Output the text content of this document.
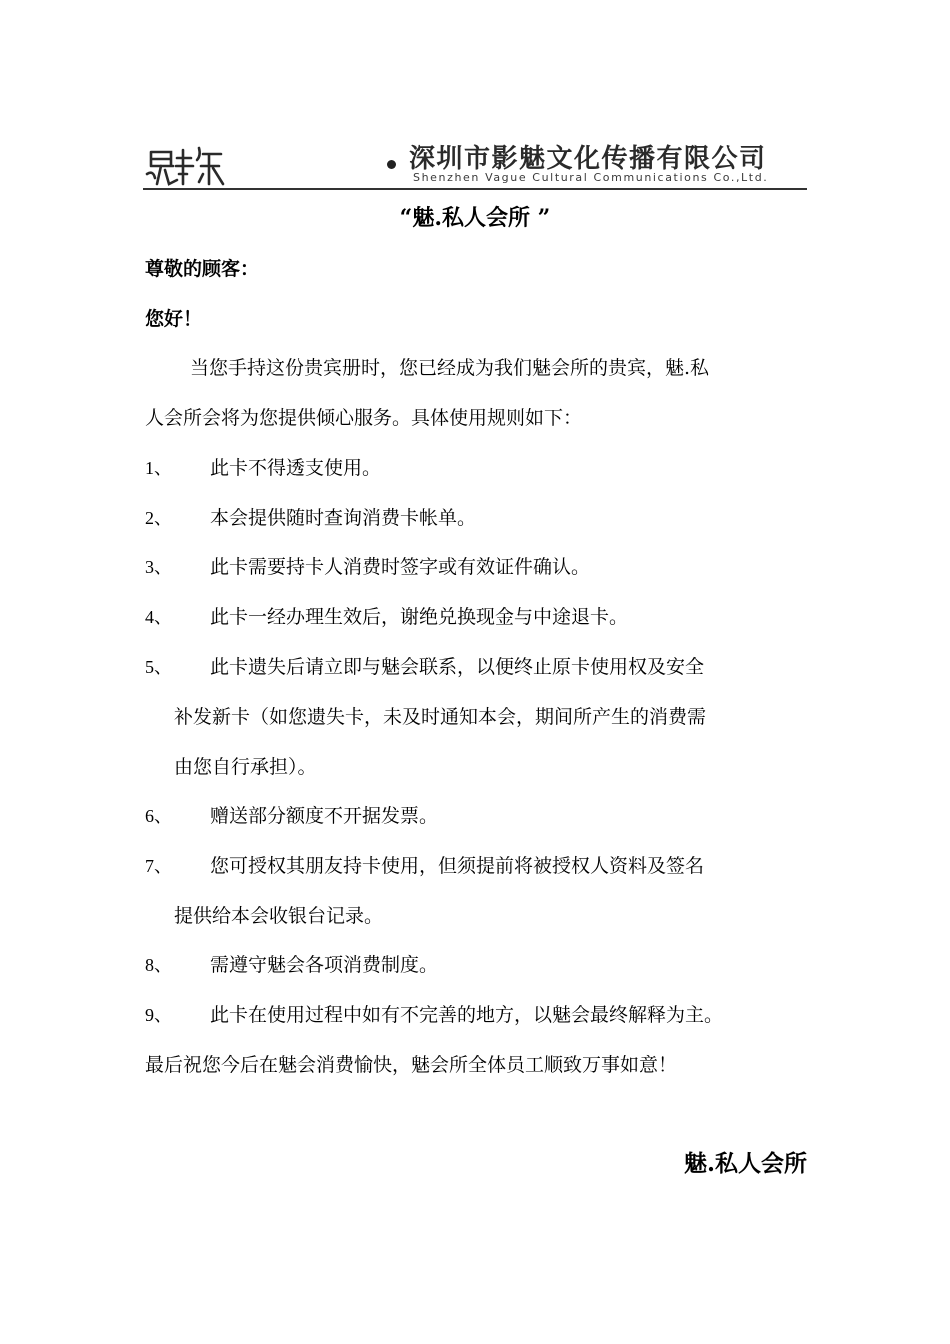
深圳市影魅文化传播有限公司
Shenzhen Vague Cultural Communications Co.,Ltd.
“魅.私人会所 ”
尊敬的顾客：
您好！
当您手持这份贵宾册时，您已经成为我们魅会所的贵宾，魅.私
人会所会将为您提供倾心服务。具体使用规则如下：
1、 此卡不得透支使用。
2、 本会提供随时查询消费卡帐单。
3、 此卡需要持卡人消费时签字或有效证件确认。
4、 此卡一经办理生效后，谢绝兑换现金与中途退卡。
5、 此卡遗失后请立即与魅会联系，以便终止原卡使用权及安全
补发新卡（如您遗失卡，未及时通知本会，期间所产生的消费需
由您自行承担）。
6、 赠送部分额度不开据发票。
7、 您可授权其朋友持卡使用，但须提前将被授权人资料及签名
提供给本会收银台记录。
8、 需遵守魅会各项消费制度。
9、 此卡在使用过程中如有不完善的地方，以魅会最终解释为主。
最后祝您今后在魅会消费愉快，魅会所全体员工顺致万事如意！
魅.私人会所
